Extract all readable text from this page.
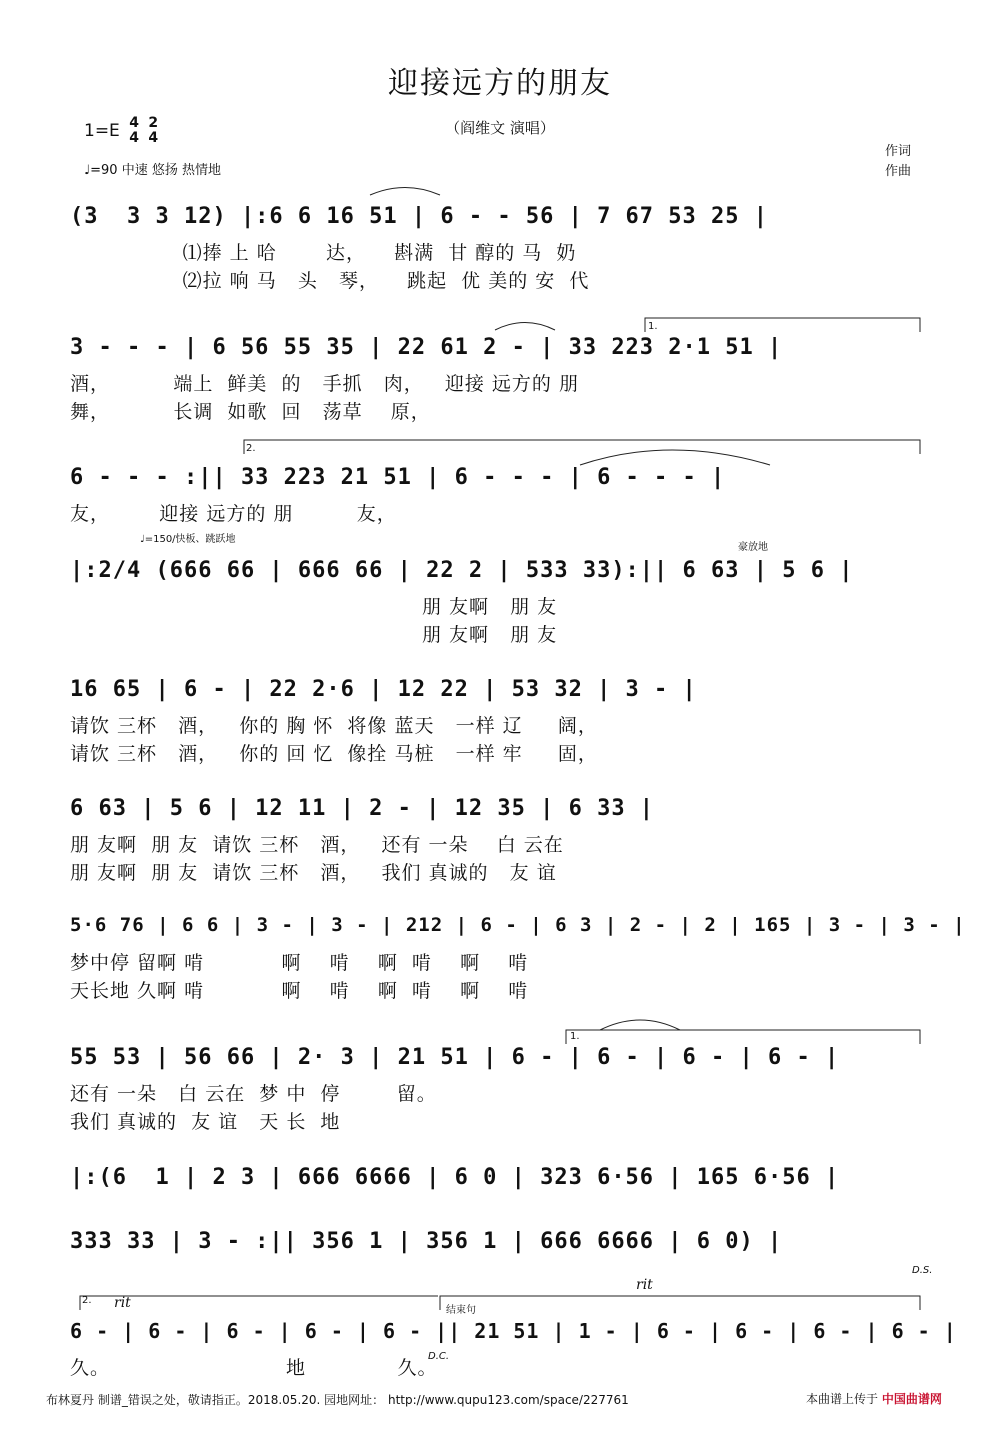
迎接远方的朋友
（阎维文 演唱）
1=E 4
4

2
4
♩=90 中速 悠扬 热情地
作词
作曲
(3  3 3 12) |:6 6 16 51 | 6 - - 56 | 7 67 53 25 |
⑴捧 上 哈       达，    斟满  甘 醇的 马  奶
⑵拉 响 马   头   琴，    跳起  优 美的 安  代
3 - - - | 6 56 55 35 | 22 61 2 - | 33 223 2·1 51 |
酒，         端上  鲜美  的   手抓   肉，   迎接 远方的 朋
舞，         长调  如歌  回   荡草    原，
1.
6 - - - :|| 33 223 21 51 | 6 - - - | 6 - - - |
友，       迎接 远方的 朋         友，
2.
|:2/4 (666 66 | 666 66 | 22 2 | 533 33):|| 6 63 | 5 6 |
朋 友啊   朋 友
朋 友啊   朋 友
♩=150/快板、跳跃地
豪放地
16 65 | 6 - | 22 2·6 | 12 22 | 53 32 | 3 - |
请饮 三杯   酒，   你的 胸 怀  将像 蓝天   一样 辽     阔，
请饮 三杯   酒，   你的 回 忆  像拴 马桩   一样 牢     固，
6 63 | 5 6 | 12 11 | 2 - | 12 35 | 6 33 |
朋 友啊  朋 友  请饮 三杯   酒，   还有 一朵    白 云在
朋 友啊  朋 友  请饮 三杯   酒，   我们 真诚的   友 谊
5·6 76 | 6 6 | 3 - | 3 - | 212 | 6 - | 6 3 | 2 - | 2 | 165 | 3 - | 3 - |
梦中停 留啊 啃           啊    啃    啊  啃    啊    啃
天长地 久啊 啃           啊    啃    啊  啃    啊    啃
55 53 | 56 66 | 2· 3 | 21 51 | 6 - | 6 - | 6 - | 6 - |
还有 一朵   白 云在  梦 中  停        留。
我们 真诚的  友 谊   天 长  地
1.
|:(6  1 | 2 3 | 666 6666 | 6 0 | 323 6·56 | 165 6·56 |
333 33 | 3 - :|| 356 1 | 356 1 | 666 6666 | 6 0) |
D.S.
6 - | 6 - | 6 - | 6 - | 6 - || 21 51 | 1 - | 6 - | 6 - | 6 - | 6 - |
久。                         地             久。
2. rit	结束句
D.C.
rit
布林夏丹 制谱_错误之处，敬请指正。2018.05.20. 园地网址： http://www.qupu123.com/space/227761	本曲谱上传于 中国曲谱网
